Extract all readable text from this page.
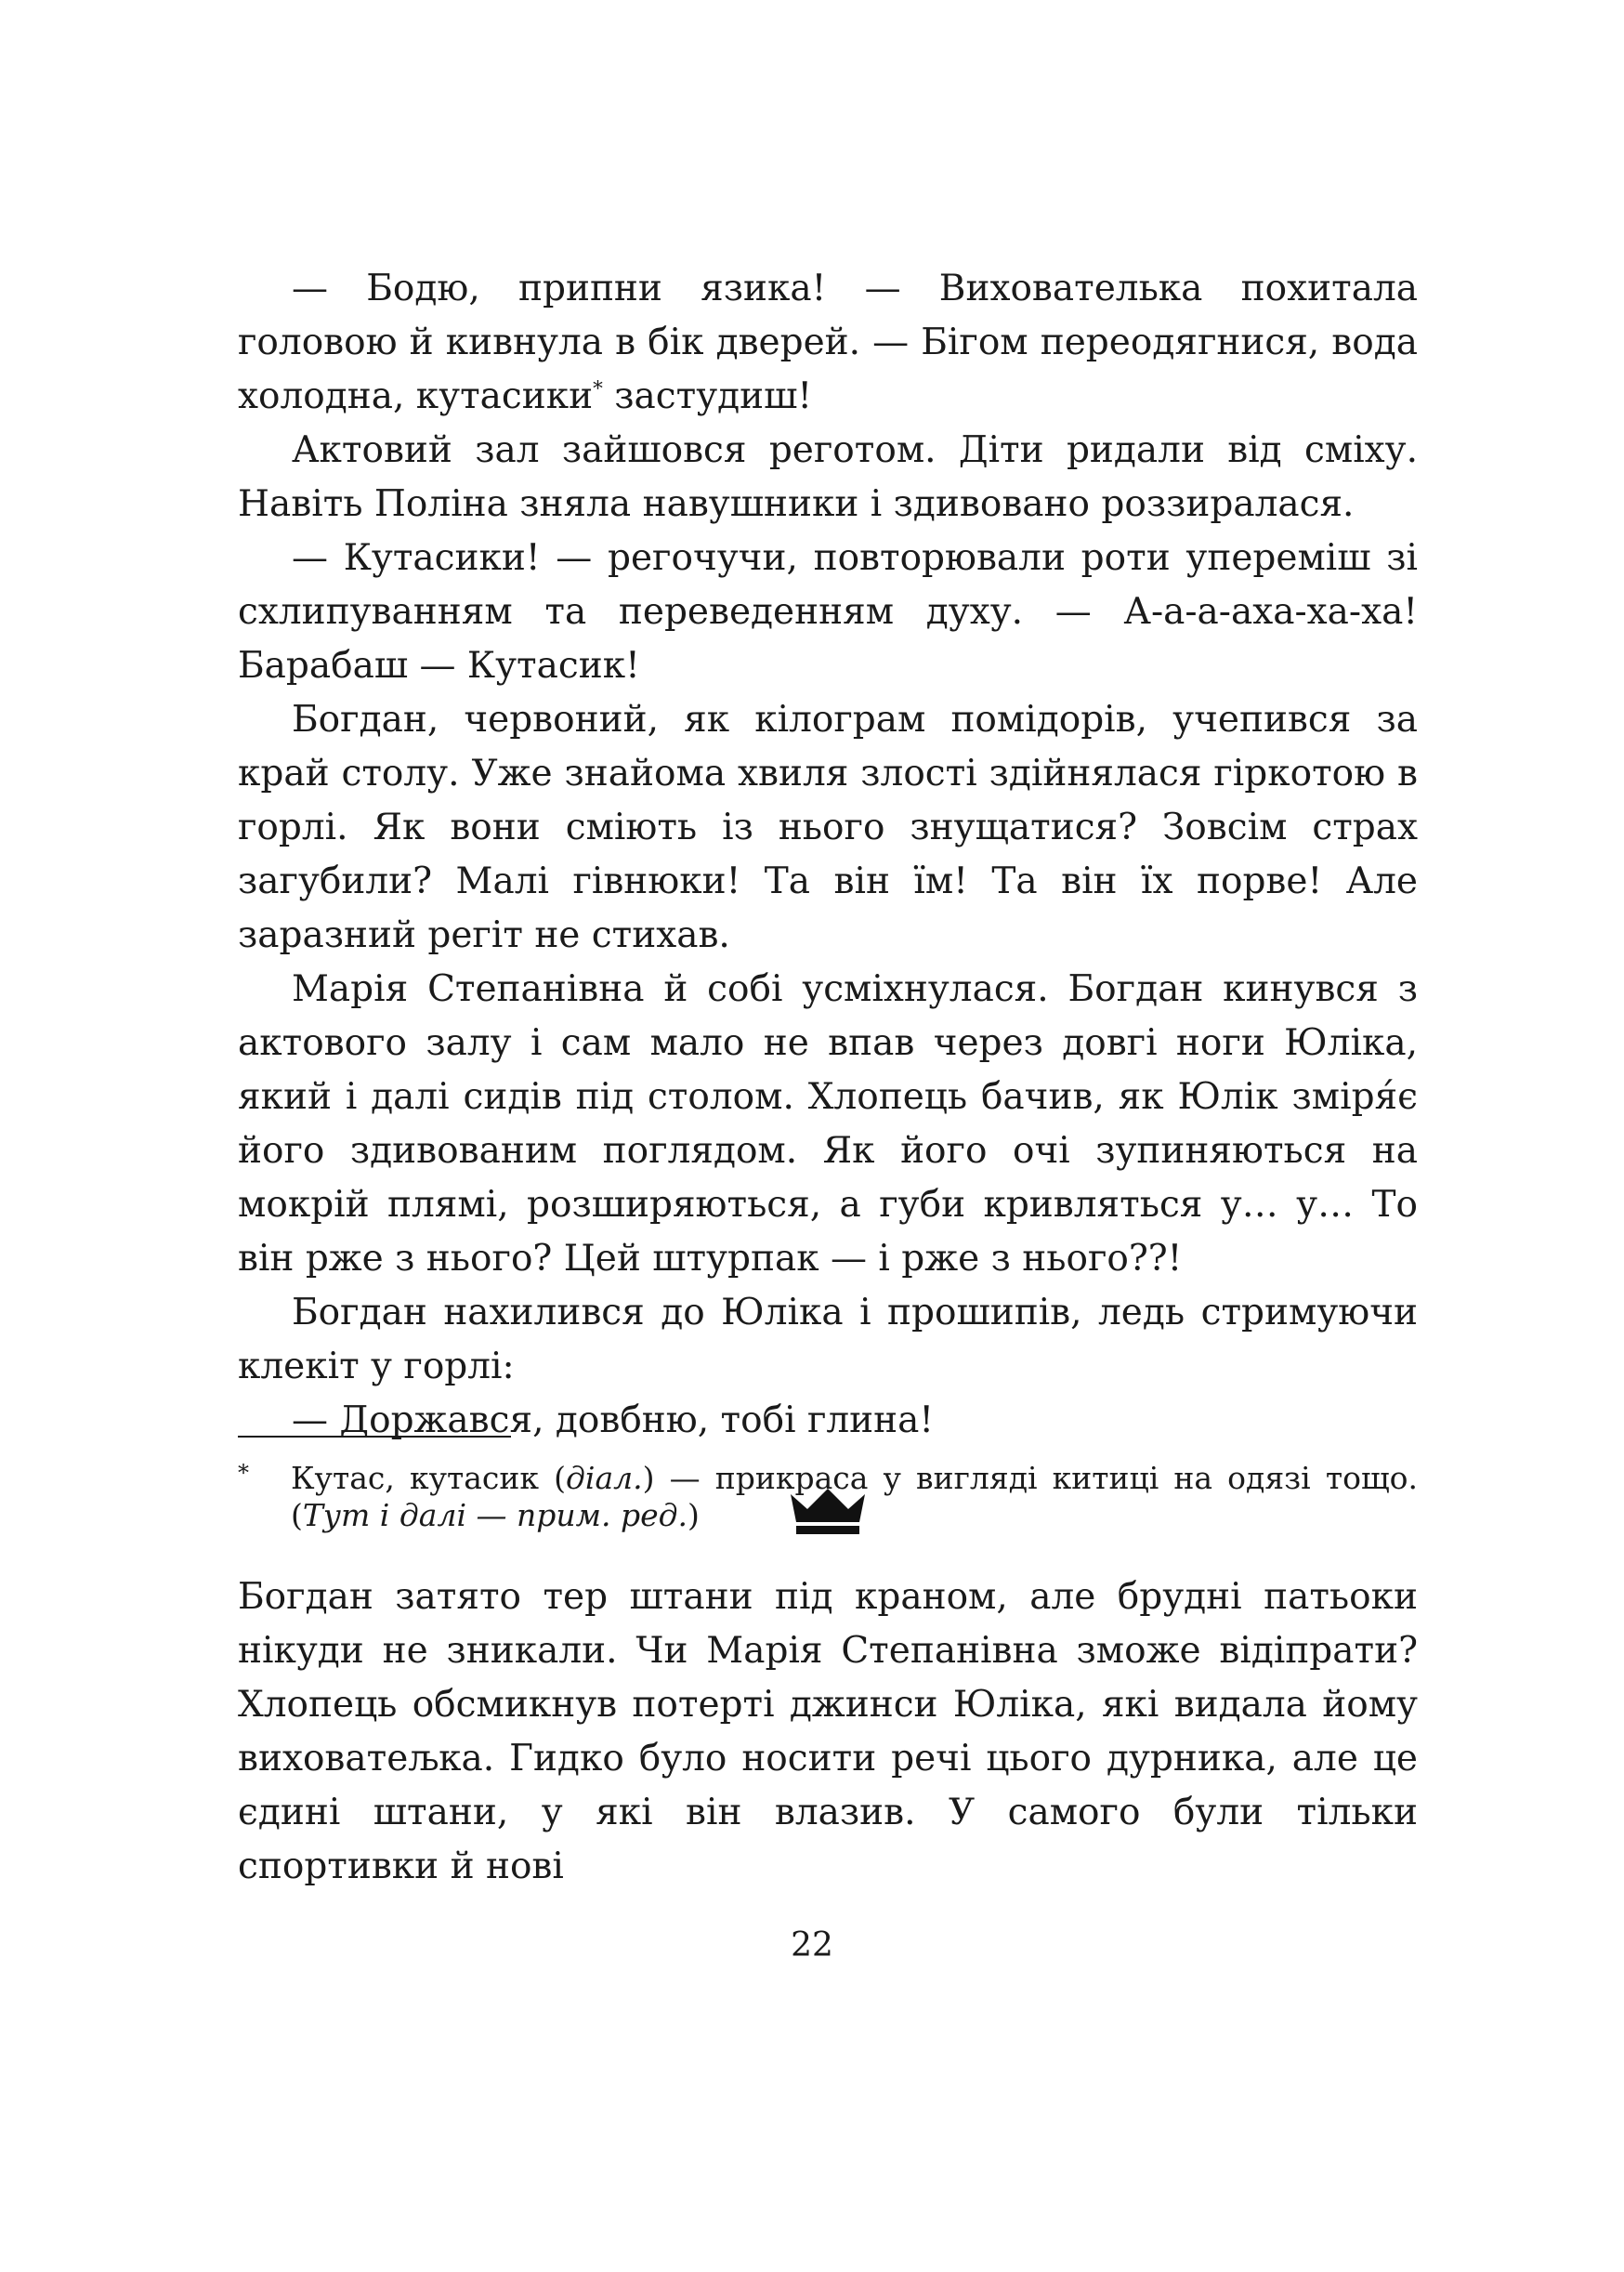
— Бодю, припни язика! — Вихователька похитала головою й кивнула в бік дверей. — Бігом переодягнися, вода холодна, кутасики* застудиш!

Актовий зал зайшовся реготом. Діти ридали від сміху. Навіть Поліна зняла навушники і здивовано роззиралася.

— Кутасики! — регочучи, повторювали роти упереміш зі схлипуванням та переведенням духу. — А-а-а-аха-ха-ха! Барабаш — Кутасик!

Богдан, червоний, як кілограм помідорів, учепився за край столу. Уже знайома хвиля злості здійнялася гіркотою в горлі. Як вони сміють із нього знущатися? Зовсім страх загубили? Малі гівнюки! Та він їм! Та він їх порве! Але заразний регіт не стихав.

Марія Степанівна й собі усміхнулася. Богдан кинувся з актового залу і сам мало не впав через довгі ноги Юліка, який і далі сидів під столом. Хлопець бачив, як Юлік зміря́є його здивованим поглядом. Як його очі зупиняються на мокрій плямі, розширяються, а губи кривляться у… у… То він рже з нього? Цей штурпак — і рже з нього??!

Богдан нахилився до Юліка і прошипів, ледь стримуючи клекіт у горлі:

— Доржався, довбню, тобі глина!

Богдан затято тер штани під краном, але брудні патьоки нікуди не зникали. Чи Марія Степанівна зможе відіпрати? Хлопець обсмикнув потерті джинси Юліка, які видала йому виховатељка. Гидко було носити речі цього дурника, але це єдині штани, у які він влазив. У самого були тільки спортивки й нові

* Кутас, кутасик (діал.) — прикраса у вигляді китиці на одязі тощо. (Тут і далі — прим. ред.)
22
